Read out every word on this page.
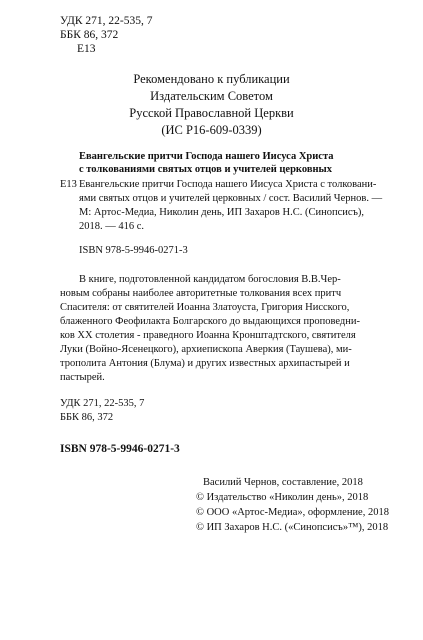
УДК 271, 22-535, 7
ББК 86, 372
Е13
Рекомендовано к публикации
Издательским Советом
Русской Православной Церкви
(ИС Р16-609-0339)
Евангельские притчи Господа нашего Иисуса Христа
с толкованиями святых отцов и учителей церковных
Е13 Евангельские притчи Господа нашего Иисуса Христа с толковани-
ями святых отцов и учителей церковных / сост. Василий Чернов. —
М: Артос-Медиа, Николин день, ИП Захаров Н.С. (Синопсисъ),
2018. — 416 с.
ISBN 978-5-9946-0271-3
В книге, подготовленной кандидатом богословия В.В.Чер-
новым собраны наиболее авторитетные толкования всех притч
Спасителя: от святителей Иоанна Златоуста, Григория Нисского,
блаженного Феофилакта Болгарского до выдающихся проповедни-
ков XX столетия - праведного Иоанна Кронштадтского, святителя
Луки (Войно-Ясенецкого), архиепископа Аверкия (Таушева), ми-
трополита Антония (Блума) и других известных архипастырей и
пастырей.
УДК 271, 22-535, 7
ББК 86, 372
ISBN 978-5-9946-0271-3
Василий Чернов, составление, 2018
© Издательство «Николин день», 2018
© ООО «Артос-Медиа», оформление, 2018
© ИП Захаров Н.С. («Синопсисъ»™), 2018
